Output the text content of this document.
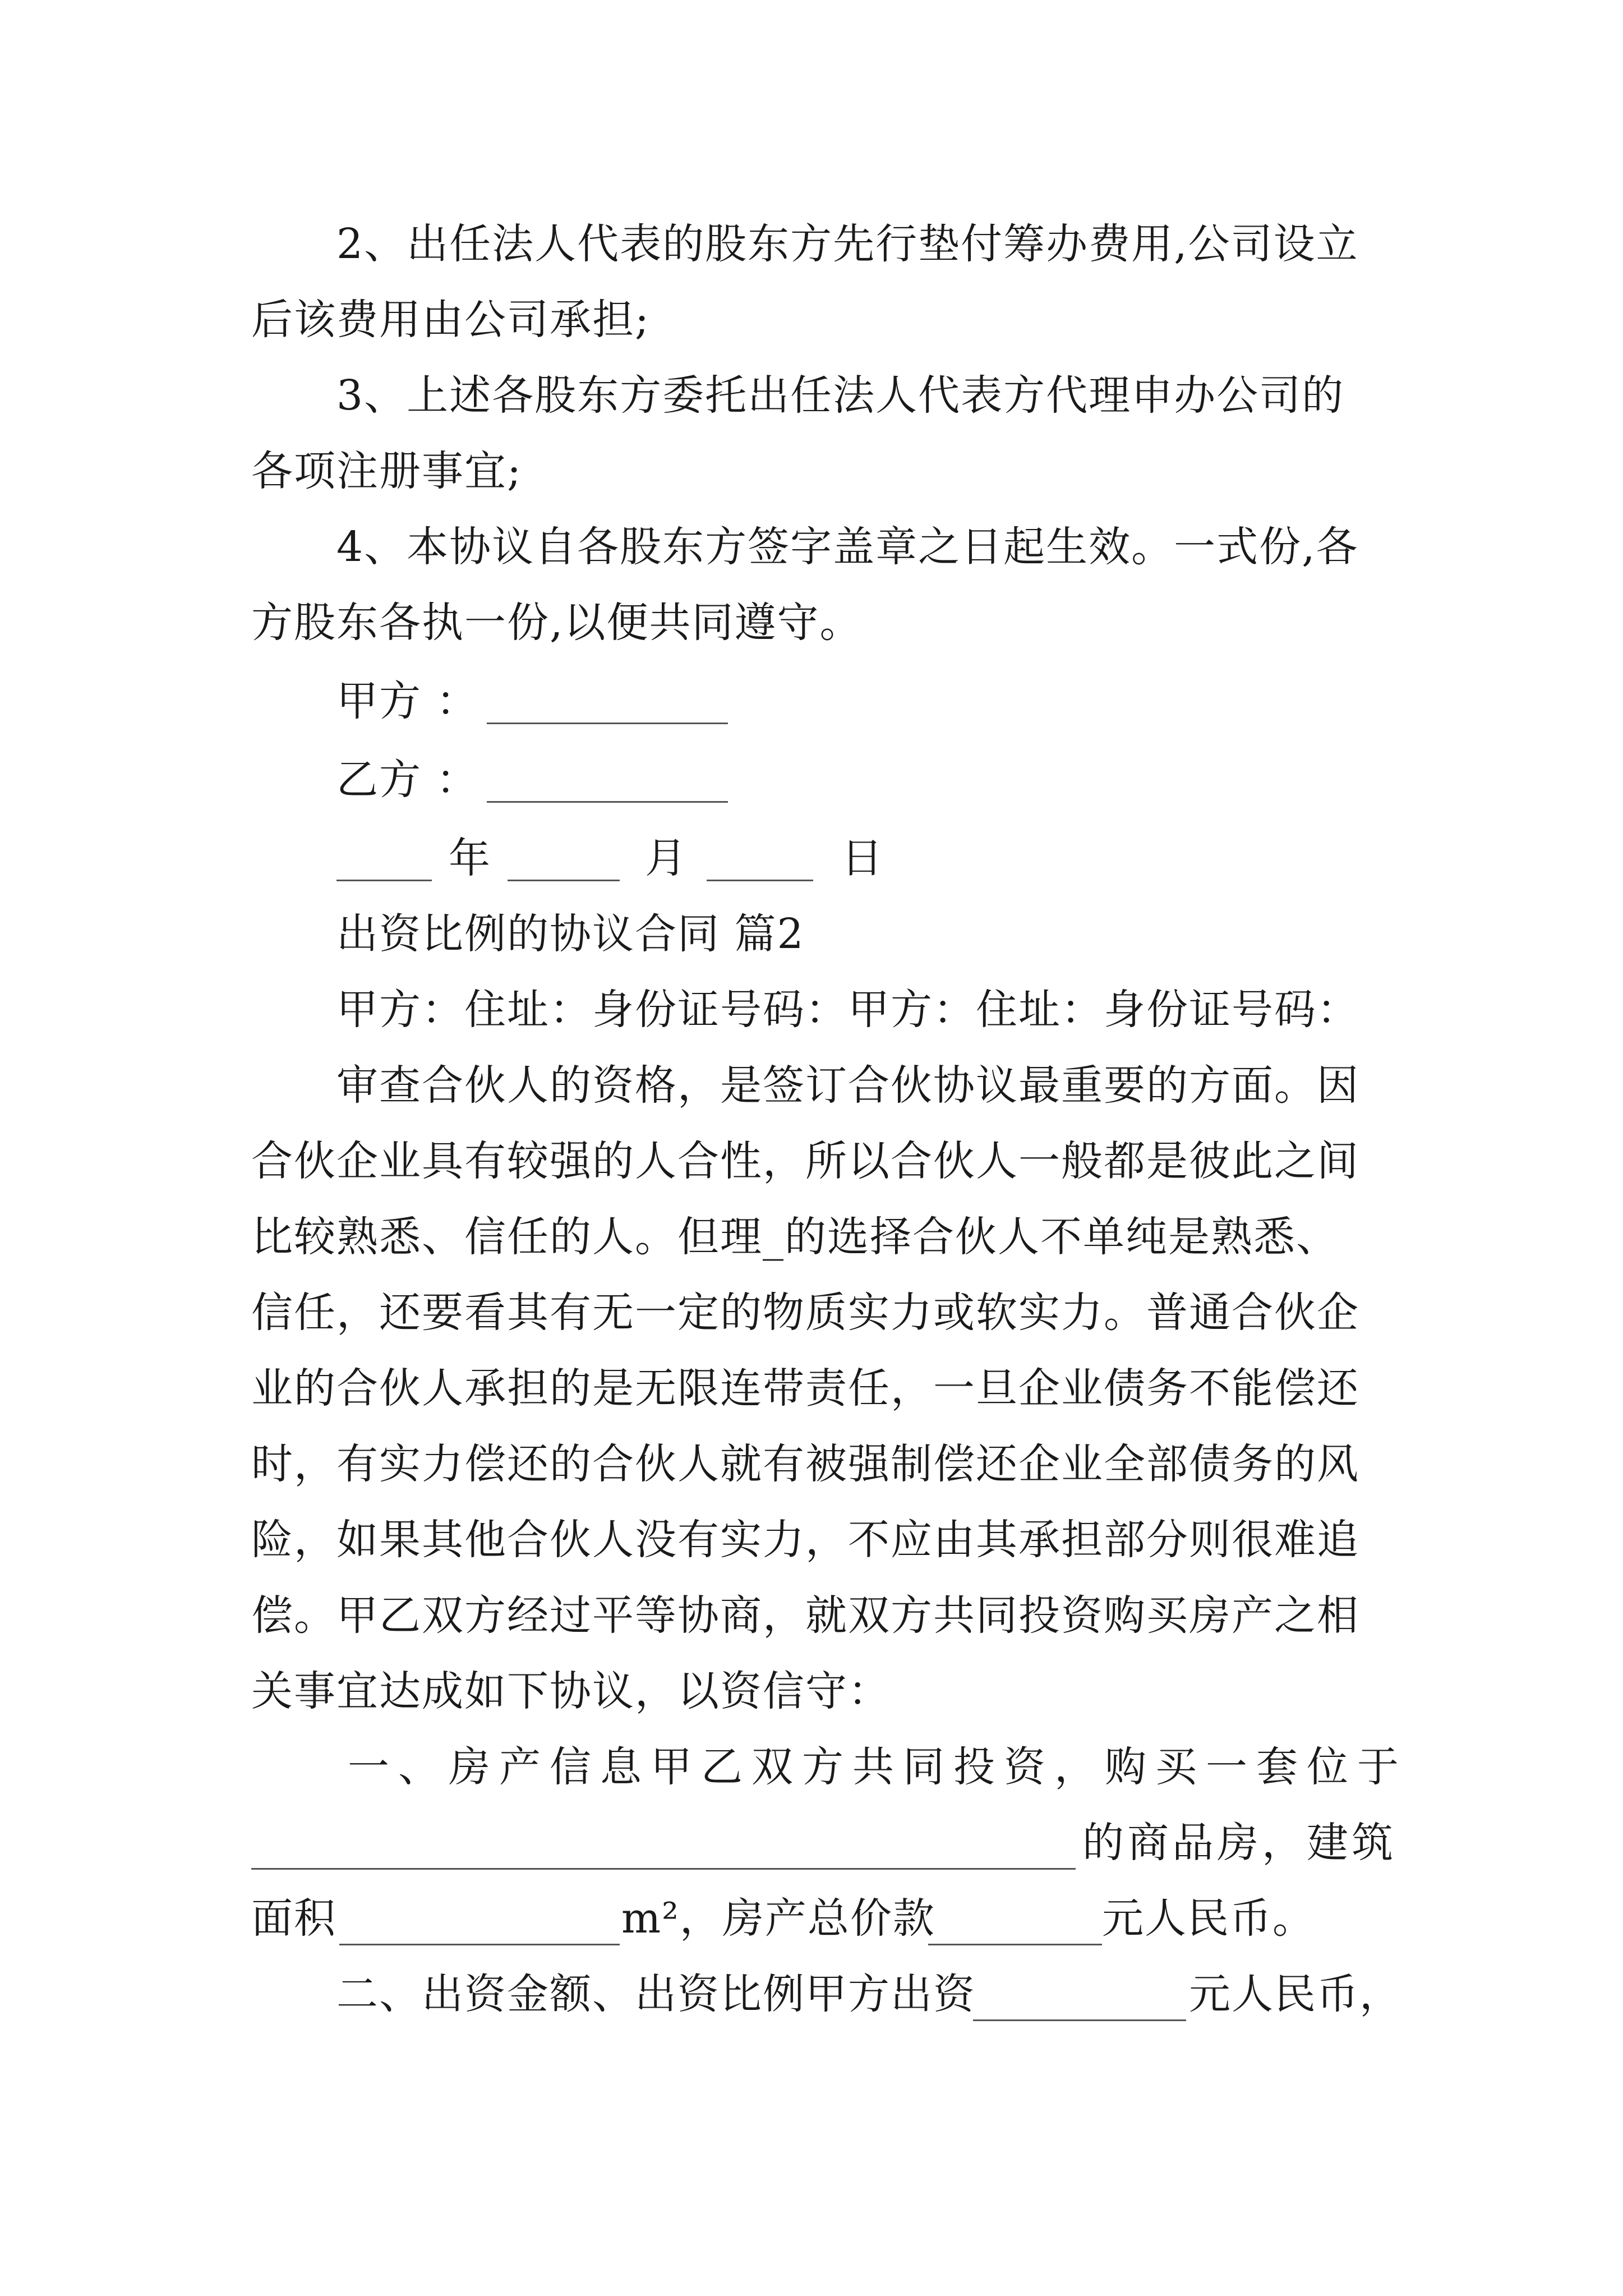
2、出任法人代表的股东方先行垫付筹办费用,公司设立
后该费用由公司承担;
3、上述各股东方委托出任法人代表方代理申办公司的
各项注册事宜;
4、本协议自各股东方签字盖章之日起生效。一式份,各
方股东各执一份,以便共同遵守。
甲方 ：
乙方 ：
年	月	日
出资比例的协议合同 篇2
甲方：住址：身份证号码：甲方：住址：身份证号码：
审查合伙人的资格，是签订合伙协议最重要的方面。因
合伙企业具有较强的人合性，所以合伙人一般都是彼此之间
比较熟悉、信任的人。但理_的选择合伙人不单纯是熟悉、
信任，还要看其有无一定的物质实力或软实力。普通合伙企
业的合伙人承担的是无限连带责任，一旦企业债务不能偿还
时，有实力偿还的合伙人就有被强制偿还企业全部债务的风
险，如果其他合伙人没有实力，不应由其承担部分则很难追
偿。甲乙双方经过平等协商，就双方共同投资购买房产之相
关事宜达成如下协议，以资信守：
一、房产信息甲乙双方共同投资，购买一套位于
的商品房，建筑
面积	m²，房产总价款	元人民币。
二、出资金额、出资比例甲方出资	元人民币，
